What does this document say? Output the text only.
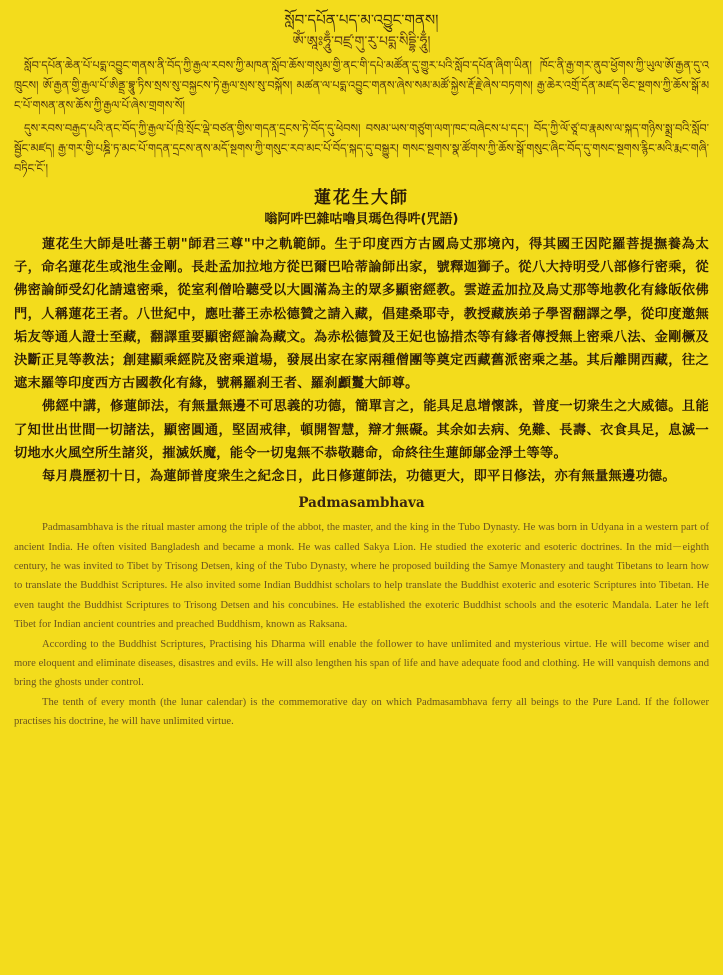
སློབ་དཔོན་པད་མ་འབྱུང་གནས།
ཨོཾ་ཨཱཿཧཱུྃ་བཛྲ་གུ་རུ་པདྨ་སིདྡྷི་ཧཱུྃ།

སློབ་དཔོན་ཆེན་པོ་པདྨ་འབྱུང་གནས་ནི་བོད་ཀྱི་རྒྱལ་རབས་ཀྱི་མཁན་སློབ་ཆོས་གསུམ་གྱི་ནང་གི་དཔེ་མཚོན་དུ་གྱུར་པའི་སློབ་དཔོན་ཞིག་ཡིན། ཁོང་ནི་རྒྱ་གར་ནུབ་ཕྱོགས་ཀྱི་ཡུལ་ཨོ་རྒྱན་དུ་འཁྲུངས། ཨོ་རྒྱན་གྱི་རྒྱལ་པོ་ཨིནྡྲ་བྷཱུ་ཏིས་སྲས་སུ་བསྐྱངས་ཏེ་རྒྱལ་སྲས་སུ་བསྐོས། མཚན་ལ་པདྨ་འབྱུང་གནས་ཞེས་སམ་མཚོ་སྐྱེས་རྡོ་རྗེ་ཞེས་བཏགས། རྒྱ་ཆེར་འགྲོ་དོན་མཛད་ཅིང་སྔགས་ཀྱི་ཆོས་སྒོ་མང་པོ་གསན་ནས་ཆོས་ཀྱི་རྒྱལ་པོ་ཞེས་གྲགས་སོ།

དུས་རབས་བརྒྱད་པའི་ནང་བོད་ཀྱི་རྒྱལ་པོ་ཁྲི་སྲོང་ལྡེ་བཙན་གྱིས་གདན་དྲངས་ཏེ་བོད་དུ་ཕེབས། བསམ་ཡས་གཙུག་ལག་ཁང་བཞེངས་པ་དང་། བོད་ཀྱི་ལོ་ཙཱ་བ་རྣམས་ལ་སྐད་གཉིས་སྨྲ་བའི་སློབ་སྦྱོང་མཛད། རྒྱ་གར་གྱི་པཎྜི་ཏ་མང་པོ་གདན་དྲངས་ནས་མདོ་སྔགས་ཀྱི་གསུང་རབ་མང་པོ་བོད་སྐད་དུ་བསྒྱུར། གསང་སྔགས་སྣ་ཚོགས་ཀྱི་ཆོས་སྒོ་གསུང་ཞིང་བོད་དུ་གསང་སྔགས་རྙིང་མའི་རྨང་གཞི་བཏིང་ངོ་།

蓮花生大師
嗡阿吽巴雜咕嚕貝瑪色得吽(咒語)

蓮花生大師是吐蕃王朝"師君三尊"中之軌範師。生于印度西方古國烏丈那境內，得其國王因陀羅菩提撫養為太子，命名蓮花生或池生金剛。長赴孟加拉地方從巴爾巴哈蒂論師出家，號釋迦獅子。從八大持明受八部修行密乘，從佛密論師受幻化請遠密乘，從室利僧哈聽受以大圓滿為主的眾多顯密經教。雲遊孟加拉及烏丈那等地教化有緣皈依佛門，人稱蓮花王者。八世紀中，應吐蕃王赤松德贊之請入藏，倡建桑耶寺，教授藏族弟子學習翻譯之學，從印度邀無垢友等通人證士至藏，翻譯重要顯密經論為藏文。為赤松德贊及王妃也協措杰等有緣者傳授無上密乘八法、金剛橛及決斷正見等教法；創建顯乘經院及密乘道場，發展出家在家兩種僧團等奠定西藏舊派密乘之基。其后離開西藏，往之遮末羅等印度西方古國教化有緣，號稱羅刹王者、羅刹顱鬘大師尊。

佛經中講，修蓮師法，有無量無邊不可思義的功德，簡單言之，能具足息增懷誅，普度一切衆生之大威德。且能了知世出世間一切諸法，顯密圓通，堅固戒律，頓開智慧，辯才無礙。其余如去病、免難、長壽、衣食具足，息滅一切地水火風空所生諸災，摧滅妖魔，能令一切鬼無不恭敬聽命，命終往生蓮師鄔金淨土等等。

每月農歷初十日，為蓮師普度衆生之紀念日，此日修蓮師法，功德更大，即平日修法，亦有無量無邊功德。

Padmasambhava

Padmasambhava is the ritual master among the triple of the abbot, the master, and the king in the Tubo Dynasty. He was born in Udyana in a western part of ancient India. He often visited Bangladesh and became a monk. He was called Sakya Lion. He studied the exoteric and esoteric doctrines. In the mid－eighth century, he was invited to Tibet by Trisong Detsen, king of the Tubo Dynasty, where he proposed building the Samye Monastery and taught Tibetans to learn how to translate the Buddhist Scriptures. He also invited some Indian Buddhist scholars to help translate the Buddhist exoteric and esoteric Scriptures into Tibetan. He even taught the Buddhist Scriptures to Trisong Detsen and his concubines. He established the exoteric Buddhist schools and the esoteric Mandala. Later he left Tibet for Indian ancient countries and preached Buddhism, known as Raksana.

According to the Buddhist Scriptures, Practising his Dharma will enable the follower to have unlimited and mysterious virtue. He will become wiser and more eloquent and eliminate diseases, disastres and evils. He will also lengthen his span of life and have adequate food and clothing. He will vanquish demons and bring the ghosts under control.

The tenth of every month (the lunar calendar) is the commemorative day on which Padmasambhava ferry all beings to the Pure Land. If the follower practises his doctrine, he will have unlimited virtue.
